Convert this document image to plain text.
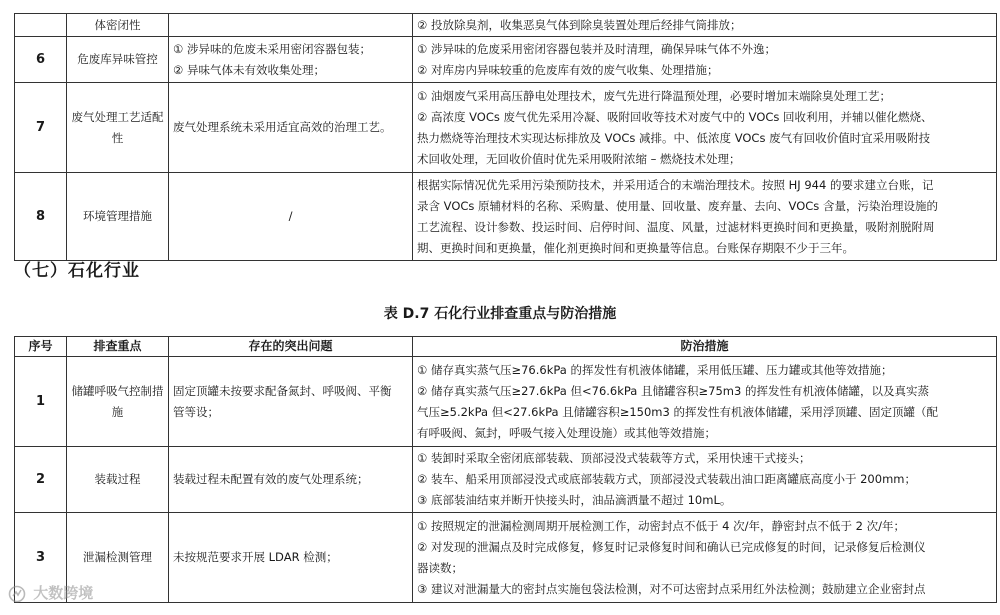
	体密闭性		② 投放除臭剂，收集恶臭气体到除臭装置处理后经排气筒排放；

6	危废库异味管控	① 涉异味的危废未采用密闭容器包装；
② 异味气体未有效收集处理；	① 涉异味的危废采用密闭容器包装并及时清理，确保异味气体不外逸；
② 对库房内异味较重的危废库有效的废气收集、处理措施；

7	废气处理工艺适配性	废气处理系统未采用适宜高效的治理工艺。	① 油烟废气采用高压静电处理技术，废气先进行降温预处理，必要时增加末端除臭处理工艺；
② 高浓度 VOCs 废气优先采用冷凝、吸附回收等技术对废气中的 VOCs 回收利用，并辅以催化燃烧、
热力燃烧等治理技术实现达标排放及 VOCs 减排。中、低浓度 VOCs 废气有回收价值时宜采用吸附技
术回收处理，无回收价值时优先采用吸附浓缩 – 燃烧技术处理；

8	环境管理措施	/	根据实际情况优先采用污染预防技术，并采用适合的末端治理技术。按照 HJ 944 的要求建立台账，记
录含 VOCs 原辅材料的名称、采购量、使用量、回收量、废弃量、去向、VOCs 含量，污染治理设施的
工艺流程、设计参数、投运时间、启停时间、温度、风量，过滤材料更换时间和更换量，吸附剂脱附周
期、更换时间和更换量，催化剂更换时间和更换量等信息。台账保存期限不少于三年。
（七）石化行业
表 D.7 石化行业排查重点与防治措施
序号	排查重点	存在的突出问题	防治措施
1	储罐呼吸气控制措施	固定顶罐未按要求配备氮封、呼吸阀、平衡
管等设；	① 储存真实蒸气压≥76.6kPa 的挥发性有机液体储罐，采用低压罐、压力罐或其他等效措施；
② 储存真实蒸气压≥27.6kPa 但<76.6kPa 且储罐容积≥75m3 的挥发性有机液体储罐，以及真实蒸
气压≥5.2kPa 但<27.6kPa 且储罐容积≥150m3 的挥发性有机液体储罐，采用浮顶罐、固定顶罐（配
有呼吸阀、氮封，呼吸气接入处理设施）或其他等效措施；

2	装载过程	装载过程未配置有效的废气处理系统；	① 装卸时采取全密闭底部装载、顶部浸没式装载等方式，采用快速干式接头；
② 装车、船采用顶部浸没式或底部装载方式，顶部浸没式装载出油口距离罐底高度小于 200mm；
③ 底部装油结束并断开快接头时，油品滴洒量不超过 10mL。

3	泄漏检测管理	未按规范要求开展 LDAR 检测；	① 按照规定的泄漏检测周期开展检测工作，动密封点不低于 4 次/年，静密封点不低于 2 次/年；
② 对发现的泄漏点及时完成修复，修复时记录修复时间和确认已完成修复的时间，记录修复后检测仪
器读数；
③ 建议对泄漏量大的密封点实施包袋法检测，对不可达密封点采用红外法检测；鼓励建立企业密封点
大数跨境
